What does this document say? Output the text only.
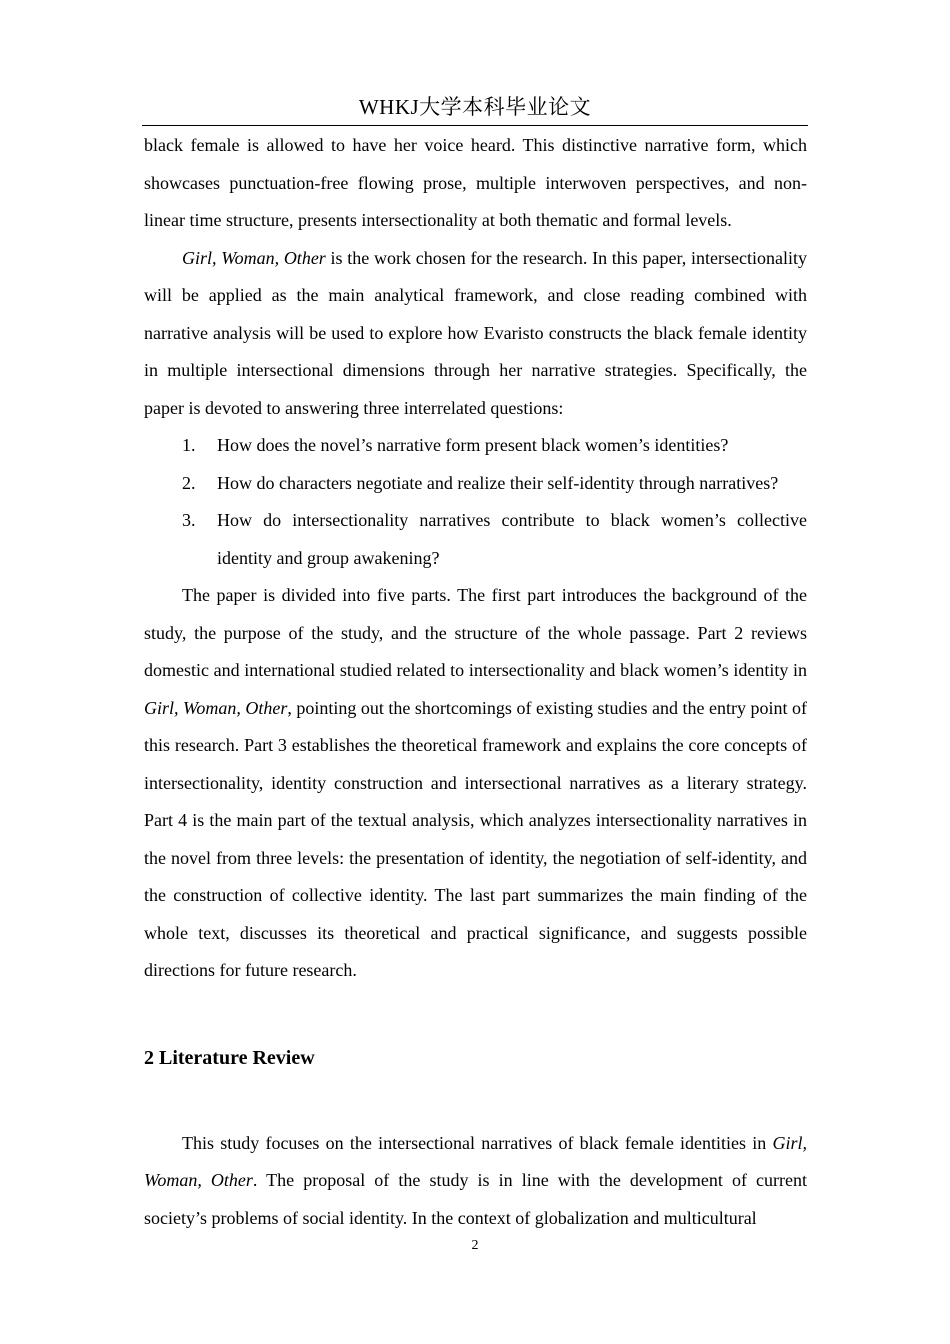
WHKJ大学本科毕业论文

black female is allowed to have her voice heard. This distinctive narrative form, which showcases punctuation-free flowing prose, multiple interwoven perspectives, and non-linear time structure, presents intersectionality at both thematic and formal levels.

Girl, Woman, Other is the work chosen for the research. In this paper, intersectionality will be applied as the main analytical framework, and close reading combined with narrative analysis will be used to explore how Evaristo constructs the black female identity in multiple intersectional dimensions through her narrative strategies. Specifically, the paper is devoted to answering three interrelated questions:

1. How does the novel’s narrative form present black women’s identities?
2. How do characters negotiate and realize their self-identity through narratives?
3. How do intersectionality narratives contribute to black women’s collective identity and group awakening?

The paper is divided into five parts. The first part introduces the background of the study, the purpose of the study, and the structure of the whole passage. Part 2 reviews domestic and international studied related to intersectionality and black women’s identity in Girl, Woman, Other, pointing out the shortcomings of existing studies and the entry point of this research. Part 3 establishes the theoretical framework and explains the core concepts of intersectionality, identity construction and intersectional narratives as a literary strategy. Part 4 is the main part of the textual analysis, which analyzes intersectionality narratives in the novel from three levels: the presentation of identity, the negotiation of self-identity, and the construction of collective identity. The last part summarizes the main finding of the whole text, discusses its theoretical and practical significance, and suggests possible directions for future research.

2 Literature Review

This study focuses on the intersectional narratives of black female identities in Girl, Woman, Other. The proposal of the study is in line with the development of current society’s problems of social identity. In the context of globalization and multicultural

2
